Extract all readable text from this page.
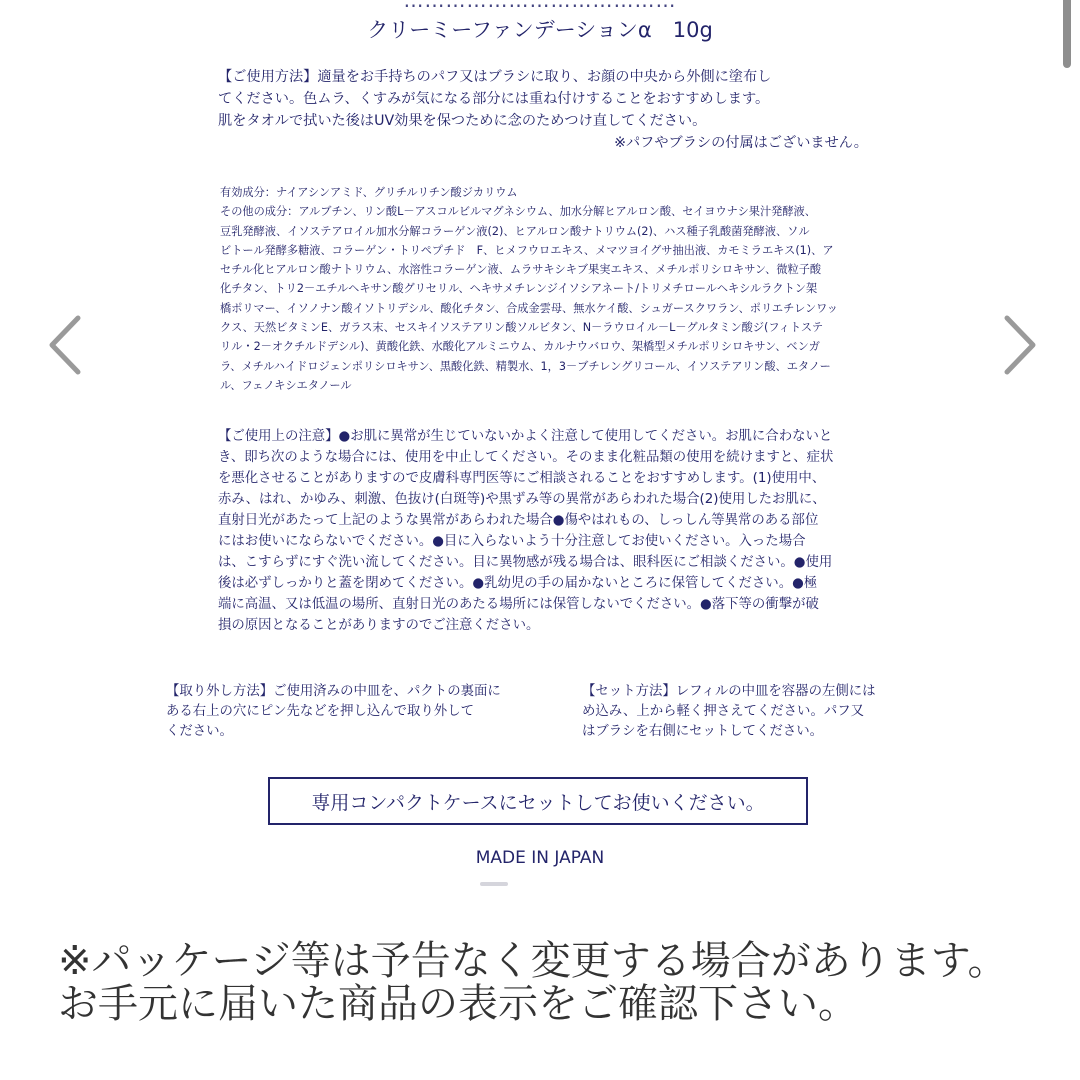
…………………………………
クリーミーファンデーションα　10g
【ご使用方法】適量をお手持ちのパフ又はブラシに取り、お顔の中央から外側に塗布し
てください。色ムラ、くすみが気になる部分には重ね付けすることをおすすめします。
肌をタオルで拭いた後はUV効果を保つために念のためつけ直してください。
※パフやブラシの付属はございません。
有効成分：ナイアシンアミド、グリチルリチン酸ジカリウム
その他の成分：アルブチン、リン酸L－アスコルビルマグネシウム、加水分解ヒアルロン酸、セイヨウナシ果汁発酵液、
豆乳発酵液、イソステアロイル加水分解コラーゲン液(2)、ヒアルロン酸ナトリウム(2)、ハス種子乳酸菌発酵液、ソル
ビトール発酵多糖液、コラーゲン・トリペプチド　F、ヒメフウロエキス、メマツヨイグサ抽出液、カモミラエキス(1)、ア
セチル化ヒアルロン酸ナトリウム、水溶性コラーゲン液、ムラサキシキブ果実エキス、メチルポリシロキサン、微粒子酸
化チタン、トリ2－エチルヘキサン酸グリセリル、ヘキサメチレンジイソシアネート/トリメチロールヘキシルラクトン架
橋ポリマー、イソノナン酸イソトリデシル、酸化チタン、合成金雲母、無水ケイ酸、シュガースクワラン、ポリエチレンワッ
クス、天然ビタミンE、ガラス末、セスキイソステアリン酸ソルビタン、N－ラウロイル－L－グルタミン酸ジ(フィトステ
リル・2－オクチルドデシル)、黄酸化鉄、水酸化アルミニウム、カルナウバロウ、架橋型メチルポリシロキサン、ベンガ
ラ、メチルハイドロジェンポリシロキサン、黒酸化鉄、精製水、1，3－ブチレングリコール、イソステアリン酸、エタノー
ル、フェノキシエタノール
【ご使用上の注意】●お肌に異常が生じていないかよく注意して使用してください。お肌に合わないと
き、即ち次のような場合には、使用を中止してください。そのまま化粧品類の使用を続けますと、症状
を悪化させることがありますので皮膚科専門医等にご相談されることをおすすめします。(1)使用中、
赤み、はれ、かゆみ、刺激、色抜け(白斑等)や黒ずみ等の異常があらわれた場合(2)使用したお肌に、
直射日光があたって上記のような異常があらわれた場合●傷やはれもの、しっしん等異常のある部位
にはお使いにならないでください。●目に入らないよう十分注意してお使いください。入った場合
は、こすらずにすぐ洗い流してください。目に異物感が残る場合は、眼科医にご相談ください。●使用
後は必ずしっかりと蓋を閉めてください。●乳幼児の手の届かないところに保管してください。●極
端に高温、又は低温の場所、直射日光のあたる場所には保管しないでください。●落下等の衝撃が破
損の原因となることがありますのでご注意ください。
【取り外し方法】ご使用済みの中皿を、パクトの裏面に
ある右上の穴にピン先などを押し込んで取り外して
ください。
【セット方法】レフィルの中皿を容器の左側には
め込み、上から軽く押さえてください。パフ又
はブラシを右側にセットしてください。
専用コンパクトケースにセットしてお使いください。
MADE IN JAPAN
※パッケージ等は予告なく変更する場合があります。お手元に届いた商品の表示をご確認下さい。
